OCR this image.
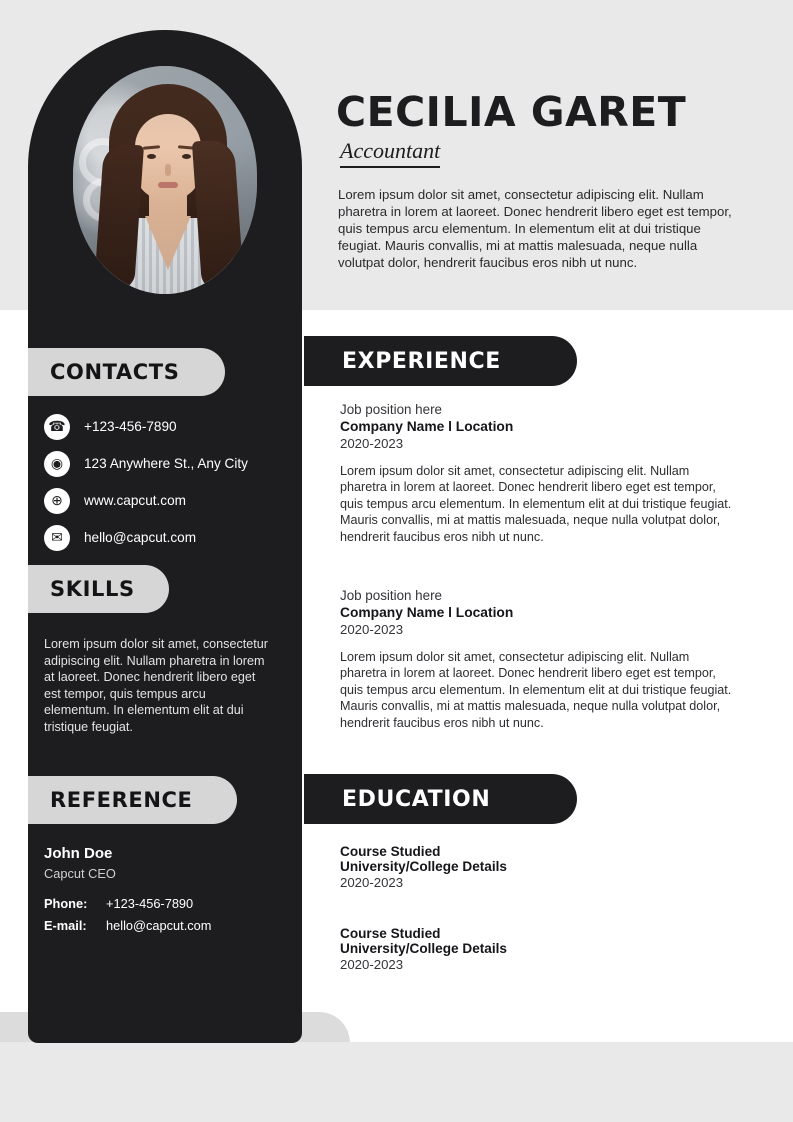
CECILIA GARET
Accountant
Lorem ipsum dolor sit amet, consectetur adipiscing elit. Nullam pharetra in lorem at laoreet. Donec hendrerit libero eget est tempor, quis tempus arcu elementum. In elementum elit at dui tristique feugiat. Mauris convallis, mi at mattis malesuada, neque nulla volutpat dolor, hendrerit faucibus eros nibh ut nunc.
CONTACTS
☎	+123-456-7890
◉	123 Anywhere St., Any City
⊕	www.capcut.com
✉	hello@capcut.com
SKILLS
Lorem ipsum dolor sit amet, consectetur adipiscing elit. Nullam pharetra in lorem at laoreet. Donec hendrerit libero eget est tempor, quis tempus arcu elementum. In elementum elit at dui tristique feugiat.
REFERENCE
John Doe
Capcut CEO
Phone:	+123-456-7890
E-mail:	hello@capcut.com
EXPERIENCE
Job position here
Company Name l Location
2020-2023
Lorem ipsum dolor sit amet, consectetur adipiscing elit. Nullam pharetra in lorem at laoreet. Donec hendrerit libero eget est tempor, quis tempus arcu elementum. In elementum elit at dui tristique feugiat. Mauris convallis, mi at mattis malesuada, neque nulla volutpat dolor, hendrerit faucibus eros nibh ut nunc.
Job position here
Company Name l Location
2020-2023
Lorem ipsum dolor sit amet, consectetur adipiscing elit. Nullam pharetra in lorem at laoreet. Donec hendrerit libero eget est tempor, quis tempus arcu elementum. In elementum elit at dui tristique feugiat. Mauris convallis, mi at mattis malesuada, neque nulla volutpat dolor, hendrerit faucibus eros nibh ut nunc.
EDUCATION
Course Studied
University/College Details
2020-2023
Course Studied
University/College Details
2020-2023
